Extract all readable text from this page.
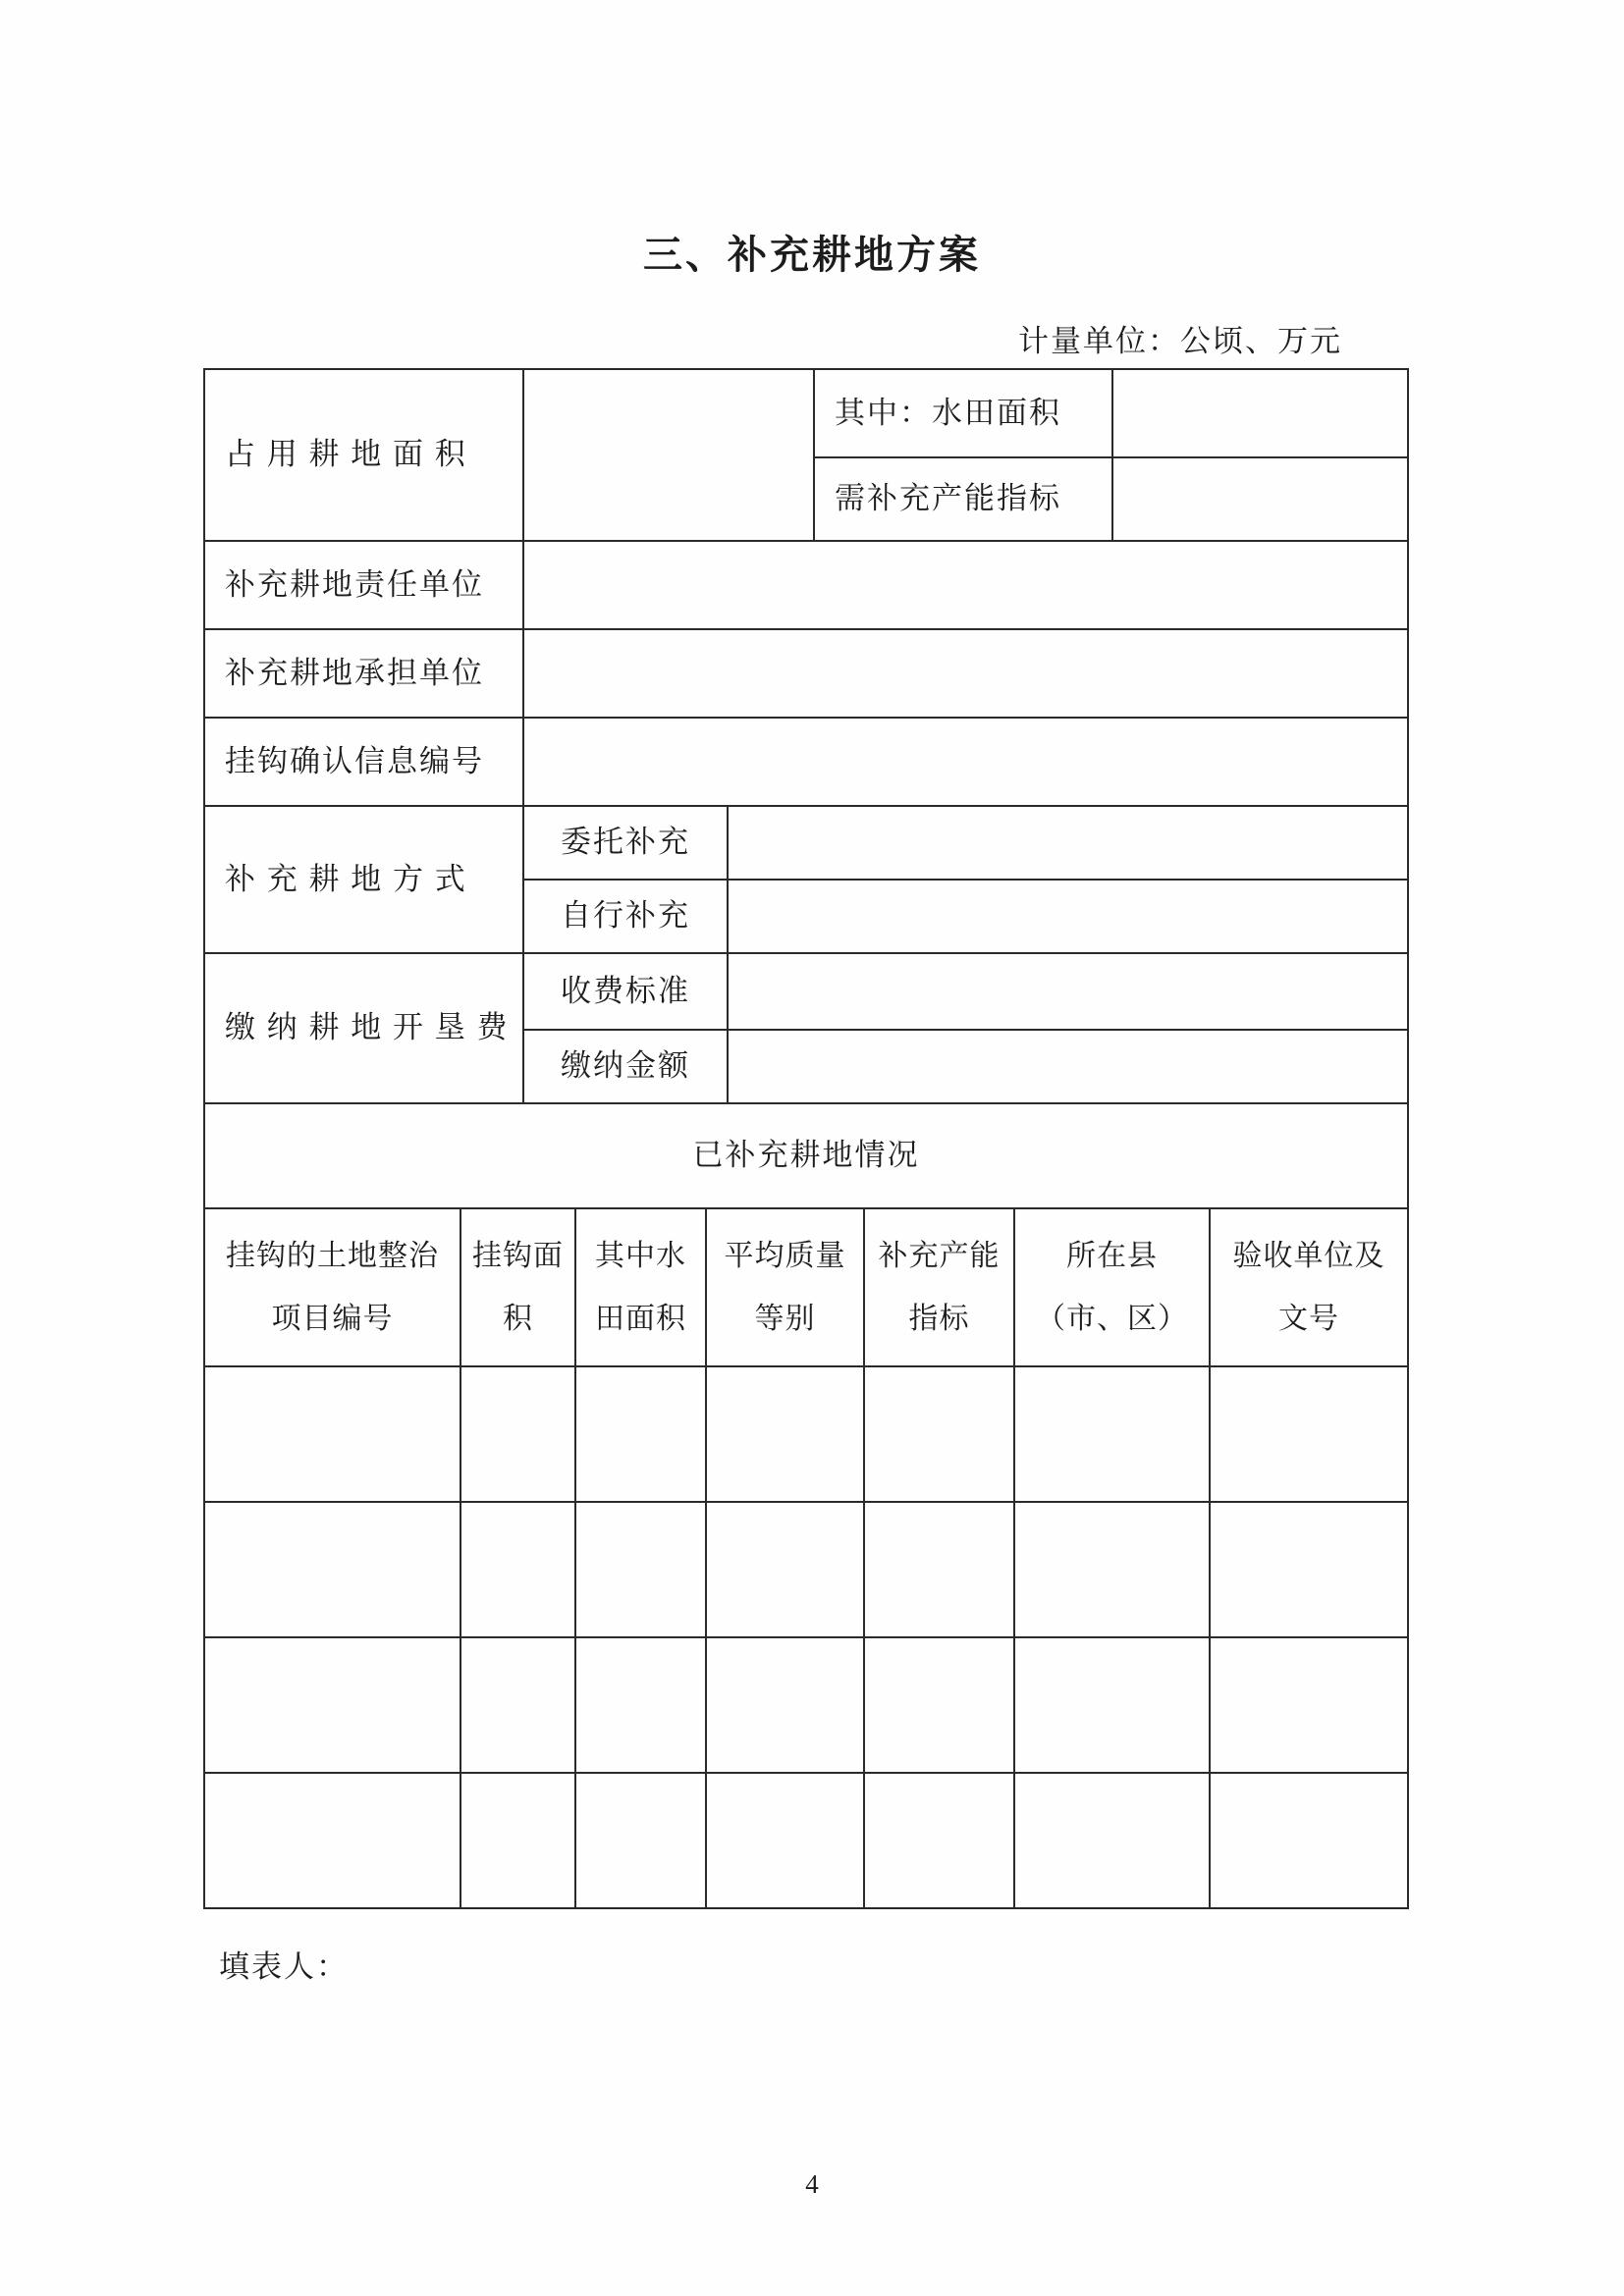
三、补充耕地方案
计量单位：公顷、万元
占 用 耕 地 面 积
其中：水田面积
需补充产能指标
补充耕地责任单位
补充耕地承担单位
挂钩确认信息编号
补 充 耕 地 方 式
委托补充
自行补充
缴 纳 耕 地 开 垦 费
收费标准
缴纳金额
已补充耕地情况
挂钩的土地整治
项目编号
挂钩面
积
其中水
田面积
平均质量
等别
补充产能
指标
所在县
（市、区）
验收单位及
文号
填表人：
4
